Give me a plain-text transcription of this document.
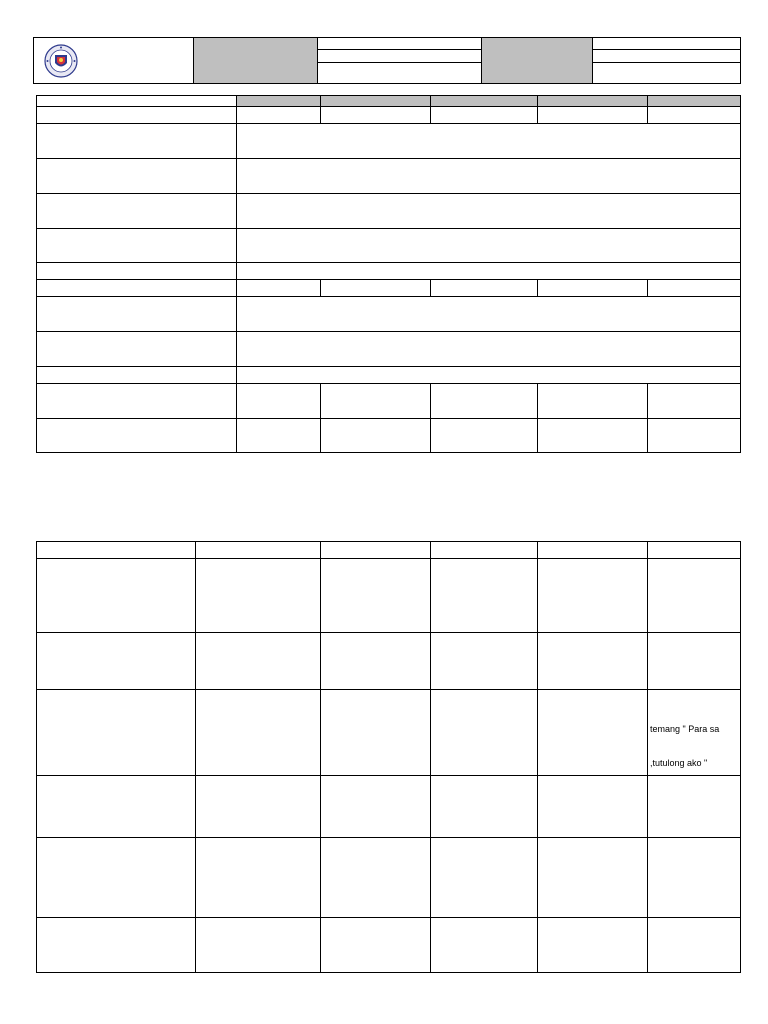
					temang " Para sa
,tutulong ako "
